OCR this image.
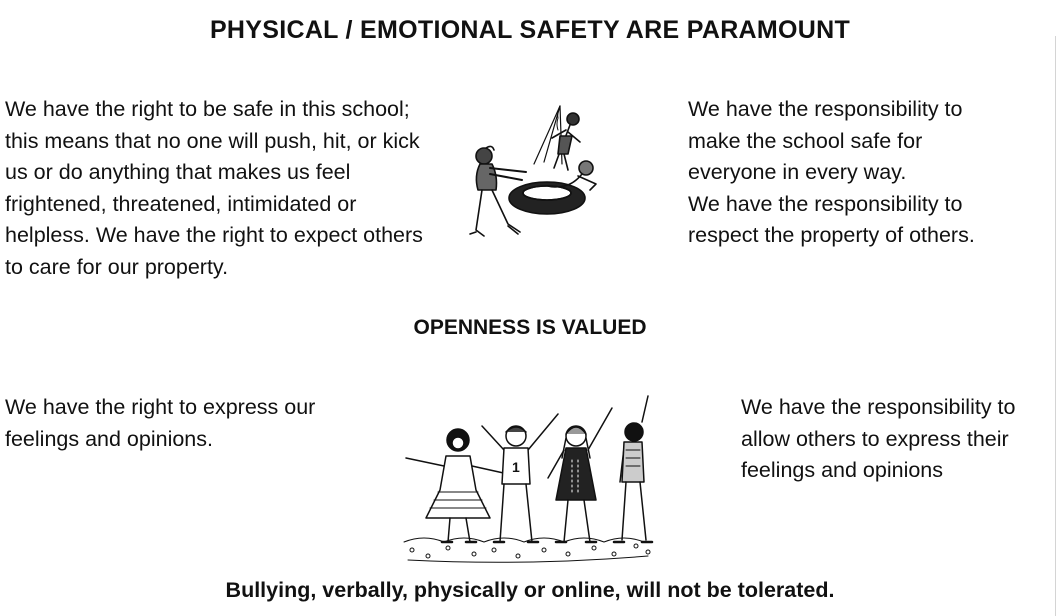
PHYSICAL / EMOTIONAL SAFETY ARE PARAMOUNT
We have the right to be safe in this school;
this means that no one will push, hit, or kick
us or do anything that makes us feel
frightened, threatened, intimidated or
helpless. We have the right to expect others
to care for our property.
We have the responsibility to
make the school safe for
everyone in every way.
We have the responsibility to
respect the property of others.
OPENNESS IS VALUED
We have the right to express our
feelings and opinions.
1
We have the responsibility to
allow others to express their
feelings and opinions
Bullying, verbally, physically or online, will not be tolerated.
